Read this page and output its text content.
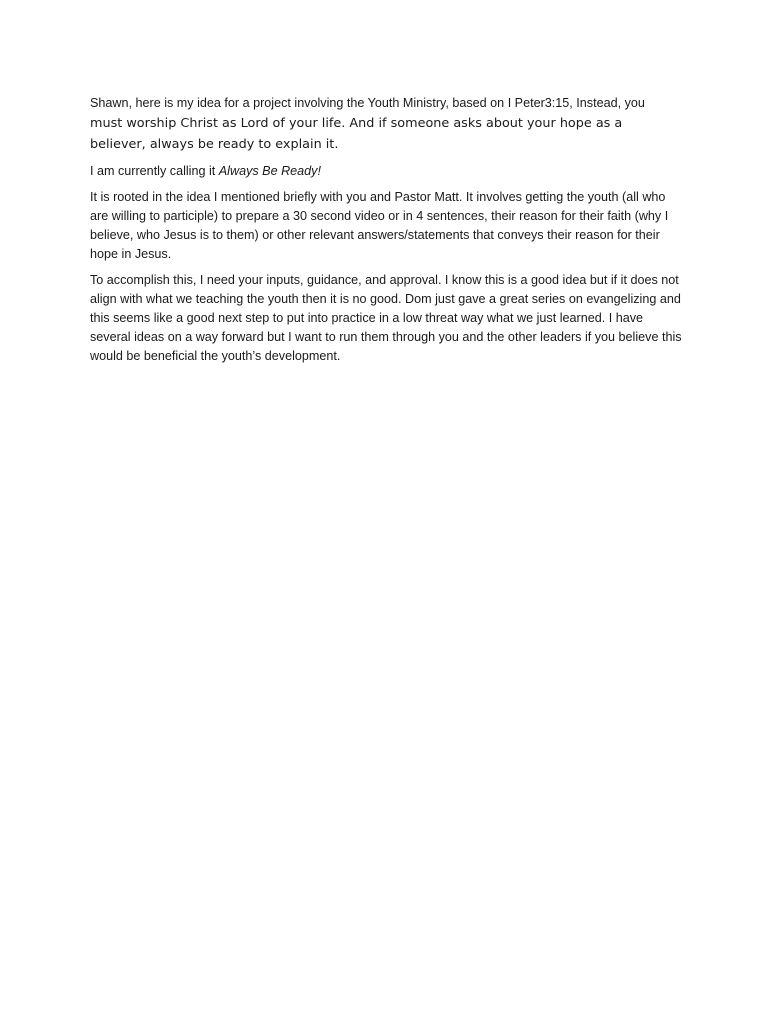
Shawn, here is my idea for a project involving the Youth Ministry, based on I Peter3:15, Instead, you
must worship Christ as Lord of your life. And if someone asks about your hope as a believer, always be ready to explain it.

I am currently calling it Always Be Ready!

It is rooted in the idea I mentioned briefly with you and Pastor Matt. It involves getting the youth (all who are willing to participle) to prepare a 30 second video or in 4 sentences, their reason for their faith (why I believe, who Jesus is to them) or other relevant answers/statements that conveys their reason for their hope in Jesus.

To accomplish this, I need your inputs, guidance, and approval. I know this is a good idea but if it does not align with what we teaching the youth then it is no good. Dom just gave a great series on evangelizing and this seems like a good next step to put into practice in a low threat way what we just learned. I have several ideas on a way forward but I want to run them through you and the other leaders if you believe this would be beneficial the youth’s development.
